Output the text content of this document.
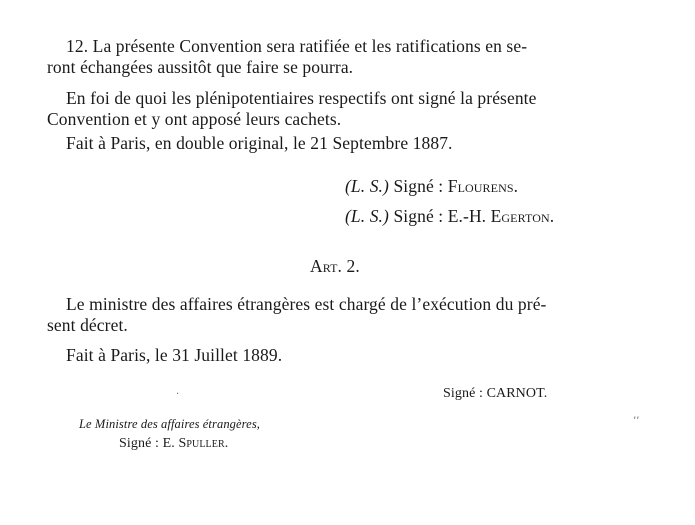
12. La présente Convention sera ratifiée et les ratifications en se-
ront échangées aussitôt que faire se pourra.
En foi de quoi les plénipotentiaires respectifs ont signé la présente
Convention et y ont apposé leurs cachets.
Fait à Paris, en double original, le 21 Septembre 1887.
(L. S.) Signé : Flourens.
(L. S.) Signé : E.-H. Egerton.
Art. 2.
Le ministre des affaires étrangères est chargé de l’exécution du pré-
sent décret.
Fait à Paris, le 31 Juillet 1889.
.	Signé : CARNOT.
Le Ministre des affaires étrangères,	’’
Signé : E. Spuller.
